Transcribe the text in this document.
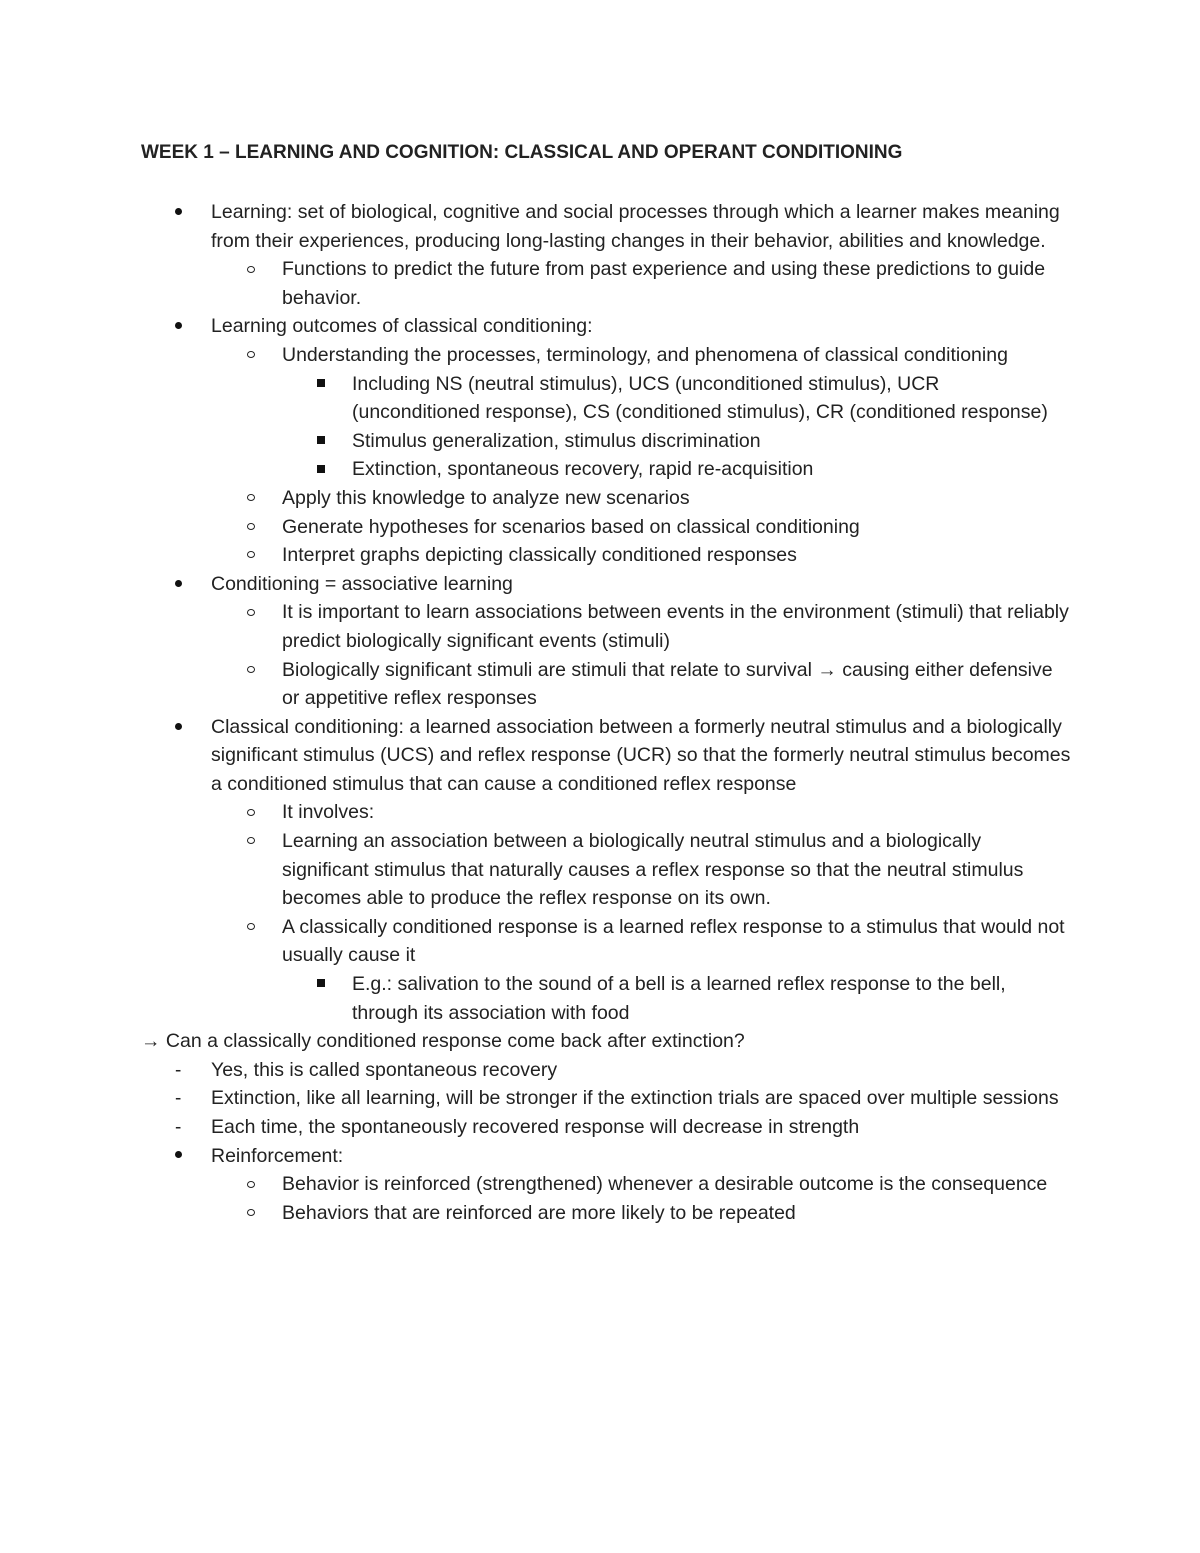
WEEK 1 – LEARNING AND COGNITION: CLASSICAL AND OPERANT CONDITIONING
Learning: set of biological, cognitive and social processes through which a learner makes meaning from their experiences, producing long-lasting changes in their behavior, abilities and knowledge.
Functions to predict the future from past experience and using these predictions to guide behavior.
Learning outcomes of classical conditioning:
Understanding the processes, terminology, and phenomena of classical conditioning
Including NS (neutral stimulus), UCS (unconditioned stimulus), UCR (unconditioned response), CS (conditioned stimulus), CR (conditioned response)
Stimulus generalization, stimulus discrimination
Extinction, spontaneous recovery, rapid re-acquisition
Apply this knowledge to analyze new scenarios
Generate hypotheses for scenarios based on classical conditioning
Interpret graphs depicting classically conditioned responses
Conditioning = associative learning
It is important to learn associations between events in the environment (stimuli) that reliably predict biologically significant events (stimuli)
Biologically significant stimuli are stimuli that relate to survival → causing either defensive or appetitive reflex responses
Classical conditioning: a learned association between a formerly neutral stimulus and a biologically significant stimulus (UCS) and reflex response (UCR) so that the formerly neutral stimulus becomes a conditioned stimulus that can cause a conditioned reflex response
It involves:
Learning an association between a biologically neutral stimulus and a biologically significant stimulus that naturally causes a reflex response so that the neutral stimulus becomes able to produce the reflex response on its own.
A classically conditioned response is a learned reflex response to a stimulus that would not usually cause it
E.g.: salivation to the sound of a bell is a learned reflex response to the bell, through its association with food
→ Can a classically conditioned response come back after extinction?
- Yes, this is called spontaneous recovery
- Extinction, like all learning, will be stronger if the extinction trials are spaced over multiple sessions
- Each time, the spontaneously recovered response will decrease in strength
Reinforcement:
Behavior is reinforced (strengthened) whenever a desirable outcome is the consequence
Behaviors that are reinforced are more likely to be repeated
